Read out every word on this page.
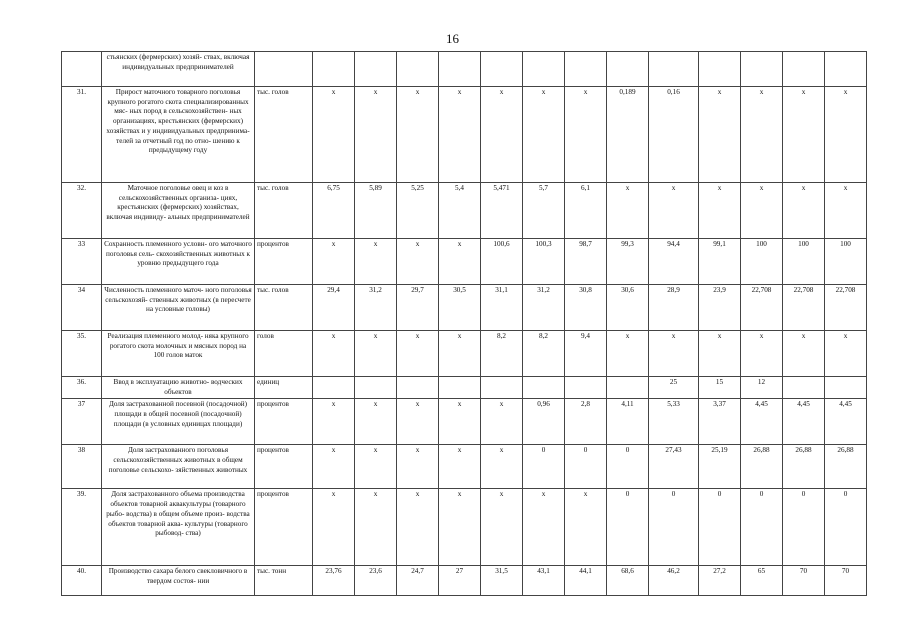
16
	стьянских (фермерских) хозяй- ствах, включая индивидуальных предпринимателей														
31.	Прирост маточного товарного поголовья крупного рогатого скота специализированных мяс- ных пород в сельскохозяйствен- ных организациях, крестьянских (фермерских) хозяйствах и у индивидуальных предпринима- телей за отчетный год по отно- шению к предыдущему году	тыс. голов	x	x	x	x	x	x	x	0,189	0,16	x	x	x	x
32.	Маточное поголовье овец и коз в сельскохозяйственных организа- циях, крестьянских (фермерских) хозяйствах, включая индивиду- альных предпринимателей	тыс. голов	6,75	5,89	5,25	5,4	5,471	5,7	6,1	x	x	x	x	x	x
33	Сохранность племенного условн- ого маточного поголовья сель- скохозяйственных животных к уровню предыдущего года	процентов	x	x	x	x	100,6	100,3	98,7	99,3	94,4	99,1	100	100	100
34	Численность племенного маточ- ного поголовья сельскохозяй- ственных животных (в пересчете на условные головы)	тыс. голов	29,4	31,2	29,7	30,5	31,1	31,2	30,8	30,6	28,9	23,9	22,708	22,708	22,708
35.	Реализация племенного молод- няка крупного рогатого скота молочных и мясных пород на 100 голов маток	голов	x	x	x	x	8,2	8,2	9,4	x	x	x	x	x	x
36.	Ввод в эксплуатацию животно- водческих объектов	единиц									25	15	12		
37	Доля застрахованной посевной (посадочной) площади в общей посевной (посадочной) площади (в условных единицах площади)	процентов	x	x	x	x	x	0,96	2,8	4,11	5,33	3,37	4,45	4,45	4,45
38	Доля застрахованного поголовья сельскохозяйственных животных в общем поголовье сельскохо- зяйственных животных	процентов	x	x	x	x	x	0	0	0	27,43	25,19	26,88	26,88	26,88
39.	Доля застрахованного объема производства объектов товарной аквакультуры (товарного рыбо- водства) в общем объеме произ- водства объектов товарной аква- культуры (товарного рыбовод- ства)	процентов	x	x	x	x	x	x	x	0	0	0	0	0	0
40.	Производство сахара белого свекловичного в твердом состоя- нии	тыс. тонн	23,76	23,6	24,7	27	31,5	43,1	44,1	68,6	46,2	27,2	65	70	70
